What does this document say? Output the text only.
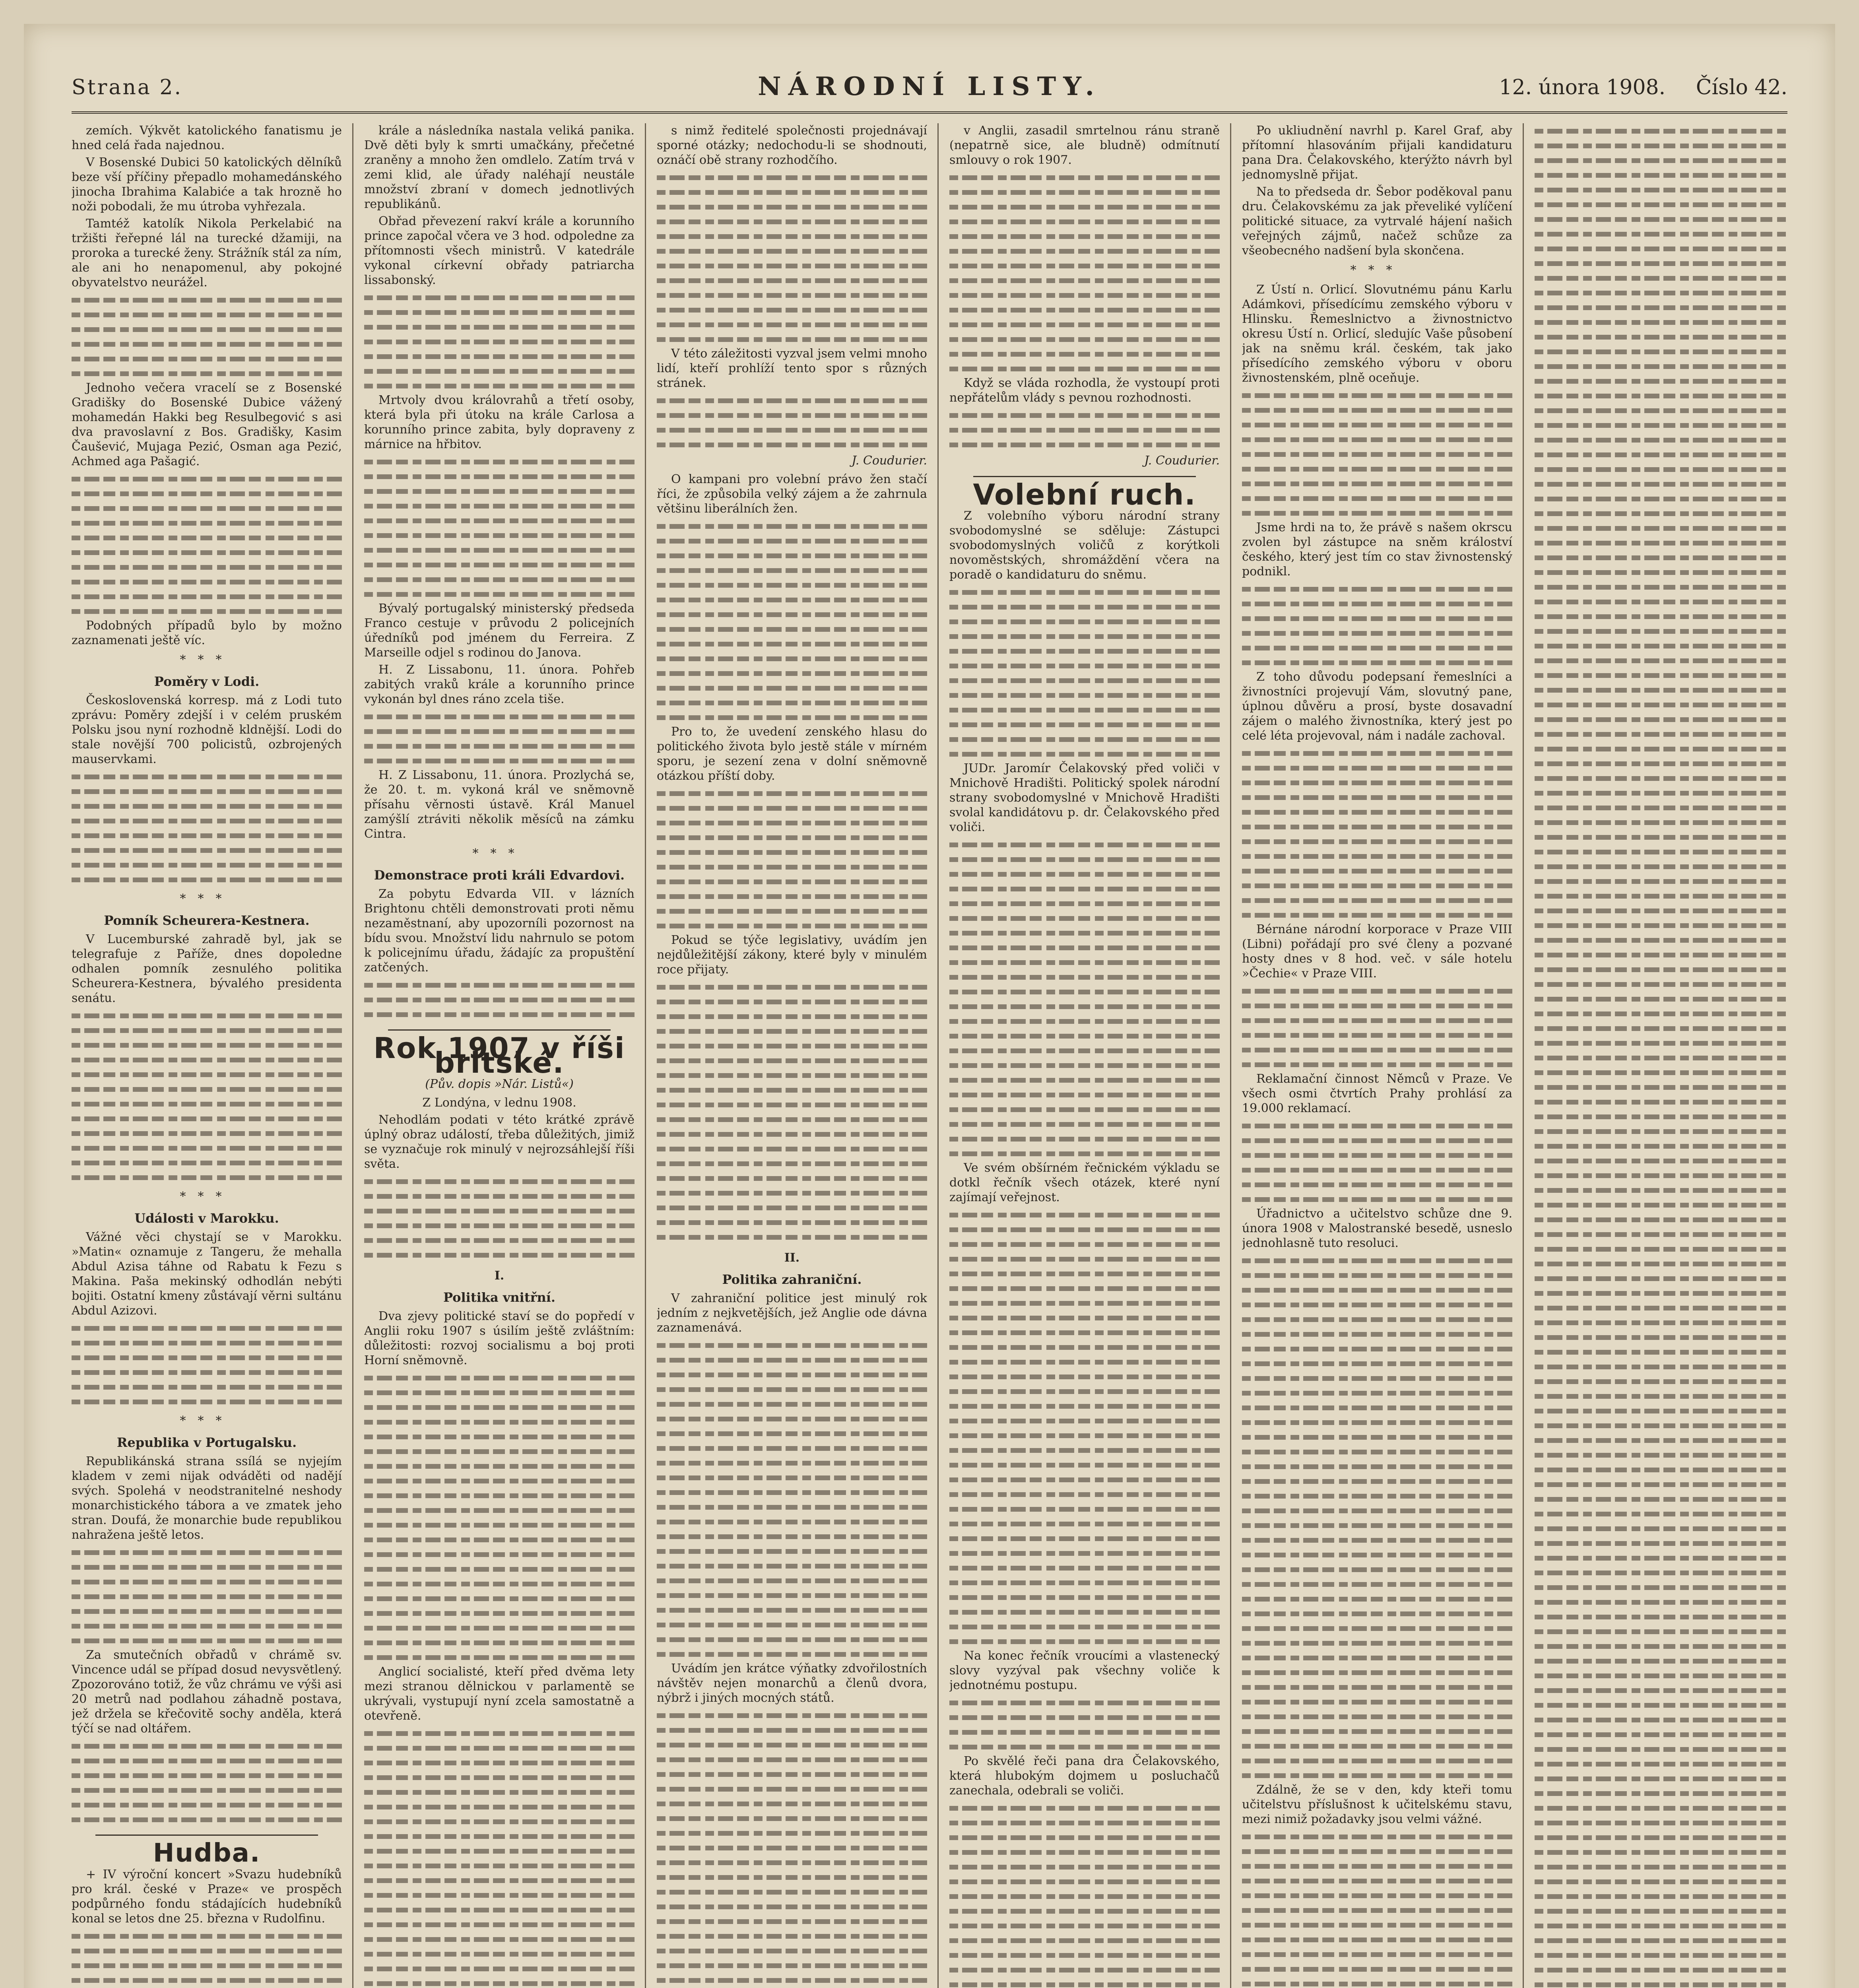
Strana 2.	NÁRODNÍ LISTY.	12. února 1908. Číslo 42.

zemích. Výkvět katolického fanatismu je hned celá řada najednou.

V Bosenské Dubici 50 katolických dělníků beze vší příčiny přepadlo mohamedánského jinocha Ibrahima Kalabiće a tak hrozně ho noži pobodali, že mu útroba vyhřezala.

Tamtéž katolík Nikola Perkelabić na tržišti řeřepné lál na turecké džamiji, na proroka a turecké ženy. Strážník stál za ním, ale ani ho nenapomenul, aby pokojné obyvatelstvo neurážel.

Jednoho večera vracelí se z Bosenské Gradišky do Bosenské Dubice vážený mohamedán Hakki beg Resulbegović s asi dva pravoslavní z Bos. Gradišky, Kasim Čaušević, Mujaga Pezić, Osman aga Pezić, Achmed aga Pašagić.

Podobných případů bylo by možno zaznamenati ještě víc.

***
Poměry v Lodi.

Československá korresp. má z Lodi tuto zprávu: Poměry zdejší i v celém pruském Polsku jsou nyní rozhodně kldnější. Lodi do stale novější 700 policistů, ozbrojených mauservkami.

***
Pomník Scheurera-Kestnera.

V Lucemburské zahradě byl, jak se telegrafuje z Paříže, dnes dopoledne odhalen pomník zesnulého politika Scheurera-Kestnera, bývalého presidenta senátu.

***
Události v Marokku.

Vážné věci chystají se v Marokku. »Matin« oznamuje z Tangeru, že mehalla Abdul Azisa táhne od Rabatu k Fezu s Makina. Paša mekinský odhodlán nebýti bojiti. Ostatní kmeny zůstávají věrni sultánu Abdul Azizovi.

***
Republika v Portugalsku.

Republikánská strana ssílá se nyjejím kladem v zemi nijak odváděti od nadějí svých. Spolehá v neodstranitelné neshody monarchistického tábora a ve zmatek jeho stran. Doufá, že monarchie bude republikou nahražena ještě letos.

Za smutečních obřadů v chrámě sv. Vincence udál se případ dosud nevysvětlený. Zpozorováno totiž, že vůz chrámu ve výši asi 20 metrů nad podlahou záhadně postava, jež držela se křečovitě sochy anděla, která týčí se nad oltářem.

Hudba.

+ IV výroční koncert »Svazu hudebníků pro král. české v Praze« ve prospěch podpůrného fondu stádajících hudebníků konal se letos dne 25. března v Rudolfinu.

krále a následníka nastala veliká panika. Dvě děti byly k smrti umačkány, přečetné zraněny a mnoho žen omdlelo. Zatím trvá v zemi klid, ale úřady naléhají neustále množství zbraní v domech jednotlivých republikánů.

Obřad převezení rakví krále a korunního prince započal včera ve 3 hod. odpoledne za přítomnosti všech ministrů. V katedrále vykonal církevní obřady patriarcha lissabonský.

Mrtvoly dvou královrahů a třetí osoby, která byla při útoku na krále Carlosa a korunního prince zabita, byly dopraveny z márnice na hřbitov.

Bývalý portugalský ministerský předseda Franco cestuje v průvodu 2 policejních úředníků pod jménem du Ferreira. Z Marseille odjel s rodinou do Janova.

H. Z Lissabonu, 11. února. Pohřeb zabitých vraků krále a korunního prince vykonán byl dnes ráno zcela tiše.

H. Z Lissabonu, 11. února. Prozlychá se, že 20. t. m. vykoná král ve sněmovně přísahu věrnosti ústavě. Král Manuel zamýšlí ztráviti několik měsíců na zámku Cintra.

***
Demonstrace proti králi Edvardovi.

Za pobytu Edvarda VII. v lázních Brightonu chtěli demonstrovati proti němu nezaměstnaní, aby upozorníli pozornost na bídu svou. Množství lidu nahrnulo se potom k policejnímu úřadu, žádajíc za propuštění zatčených.

Rok 1907 v říši britské.
(Pův. dopis »Nár. Listů«)

Z Londýna, v lednu 1908.

Nehodlám podati v této krátké zprávě úplný obraz událostí, třeba důležitých, jimiž se vyznačuje rok minulý v nejrozsáhlejší říši světa.

I.
Politika vnitřní.

Dva zjevy politické staví se do popředí v Anglii roku 1907 s úsilím ještě zvláštním: důležitosti: rozvoj socialismu a boj proti Horní sněmovně.

Anglicí socialisté, kteří před dvěma lety mezi stranou dělnickou v parlamentě se ukrývali, vystupují nyní zcela samostatně a otevřeně.

s nimž ředitelé společnosti projednávají sporné otázky; nedochodu-li se shodnouti, oznáčí obě strany rozhodčího.

V této záležitosti vyzval jsem velmi mnoho lidí, kteří prohlíží tento spor s různých stránek.

J. Coudurier.

O kampani pro volební právo žen stačí říci, že způsobila velký zájem a že zahrnula většinu liberálních žen.

Pro to, že uvedení zenského hlasu do politického života bylo jestě stále v mírném sporu, je sezení zena v dolní sněmovně otázkou příští doby.

Pokud se týče legislativy, uvádím jen nejdůležitější zákony, které byly v minulém roce přijaty.

II.
Politika zahraniční.

V zahraniční politice jest minulý rok jedním z nejkvetějších, jež Anglie ode dávna zaznamenává.

Uvádím jen krátce výňatky zdvořilostních návštěv nejen monarchů a členů dvora, nýbrž i jiných mocných států.

v Anglii, zasadil smrtelnou ránu straně (nepatrně sice, ale bludně) odmítnutí smlouvy o rok 1907.

Když se vláda rozhodla, že vystoupí proti nepřátelům vlády s pevnou rozhodnosti.

J. Coudurier.
Volební ruch.

Z volebního výboru národní strany svobodomyslné se sděluje: Zástupci svobodomyslných voličů z korýtkoli novoměstských, shromáždění včera na poradě o kandidaturu do sněmu.

JUDr. Jaromír Čelakovský před voliči v Mnichově Hradišti. Politický spolek národní strany svobodomyslné v Mnichově Hradišti svolal kandidátovu p. dr. Čelakovského před voliči.

Ve svém obšírném řečnickém výkladu se dotkl řečník všech otázek, které nyní zajímají veřejnost.

Na konec řečník vroucími a vlastenecký slovy vyzýval pak všechny voliče k jednotnému postupu.

Po skvělé řeči pana dra Čelakovského, která hlubokým dojmem u posluchačů zanechala, odebrali se voliči.

Po ukliudnění navrhl p. Karel Graf, aby přítomní hlasováním přijali kandidaturu pana Dra. Čelakovského, kterýžto návrh byl jednomyslně přijat.

Na to předseda dr. Šebor poděkoval panu dru. Čelakovskému za jak převeliké vylíčení politické situace, za vytrvalé hájení našich veřejných zájmů, načež schůze za všeobecného nadšení byla skončena.

***

Z Ústí n. Orlicí. Slovutnému pánu Karlu Adámkovi, přísedícímu zemského výboru v Hlinsku. Řemeslnictvo a živnostnictvo okresu Ústí n. Orlicí, sledujíc Vaše působení jak na sněmu král. českém, tak jako přísedícího zemského výboru v oboru živnostenském, plně oceňuje.

Jsme hrdi na to, že právě s našem okrscu zvolen byl zástupce na sněm králoství českého, který jest tím co stav živnostenský podnikl.

Z toho důvodu podepsaní řemeslníci a živnostníci projevují Vám, slovutný pane, úplnou důvěru a prosí, byste dosavadní zájem o malého živnostníka, který jest po celé léta projevoval, nám i nadále zachoval.

Bérnáne národní korporace v Praze VIII (Libni) pořádají pro své členy a pozvané hosty dnes v 8 hod. več. v sále hotelu »Čechie« v Praze VIII.

Reklamační činnost Němců v Praze. Ve všech osmi čtvrtích Prahy prohlásí za 19.000 reklamací.

Úřadnictvo a učitelstvo schůze dne 9. února 1908 v Malostranské besedě, usneslo jednohlasně tuto resoluci.

Zdálně, že se v den, kdy kteři tomu učitelstvu příslušnost k učitelskému stavu, mezi nimiž požadavky jsou velmi vážné.
